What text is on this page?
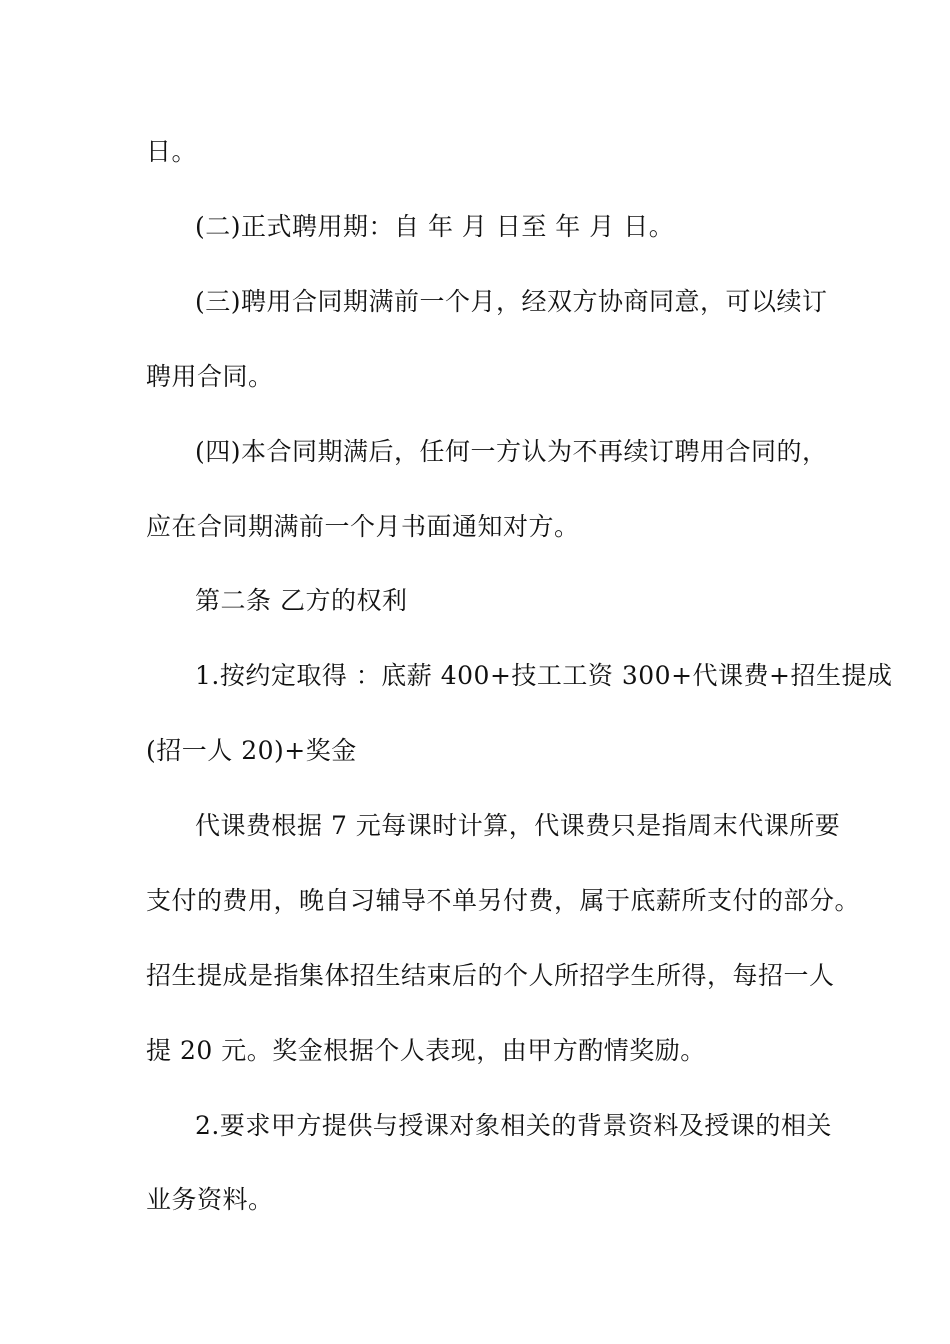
日。
(二)正式聘用期：自 年 月 日至 年 月 日。
(三)聘用合同期满前一个月，经双方协商同意，可以续订
聘用合同。
(四)本合同期满后，任何一方认为不再续订聘用合同的，
应在合同期满前一个月书面通知对方。
第二条 乙方的权利
1.按约定取得 ：底薪 400+技工工资 300+代课费+招生提成
(招一人 20)+奖金
代课费根据 7 元每课时计算，代课费只是指周末代课所要
支付的费用，晚自习辅导不单另付费，属于底薪所支付的部分。
招生提成是指集体招生结束后的个人所招学生所得，每招一人
提 20 元。奖金根据个人表现，由甲方酌情奖励。
2.要求甲方提供与授课对象相关的背景资料及授课的相关
业务资料。
